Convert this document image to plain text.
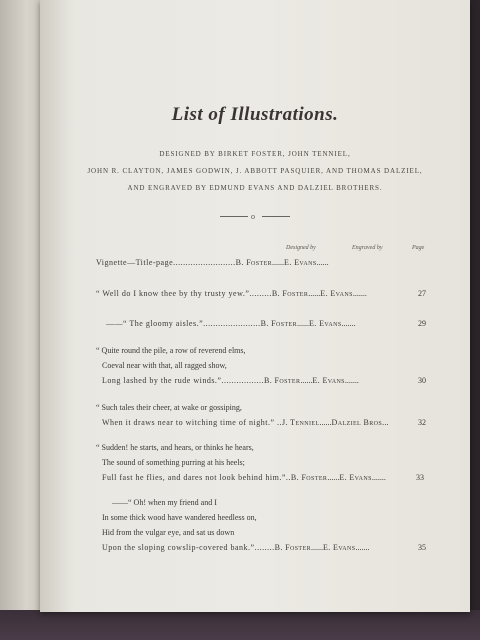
List of Illustrations.
DESIGNED BY BIRKET FOSTER, JOHN TENNIEL,
JOHN R. CLAYTON, JAMES GODWIN, J. ABBOTT PASQUIER, AND THOMAS DALZIEL,
AND ENGRAVED BY EDMUND EVANS AND DALZIEL BROTHERS.
o
Designed by	Engraved by	Page
Vignette—Title-page.........................B. Foster......E. Evans......
“ Well do I know thee by thy trusty yew.”.........B. Foster......E. Evans.......	27
——“ The gloomy aisles.”.......................B. Foster......E. Evans.......	29
“ Quite round the pile, a row of reverend elms,
Coeval near with that, all ragged show,
Long lashed by the rude winds.”.................B. Foster......E. Evans.......	30
“ Such tales their cheer, at wake or gossiping,
When it draws near to witching time of night.” ..J. Tenniel......Dalziel Bros...	32
“ Sudden! he starts, and hears, or thinks he hears,
The sound of something purring at his heels;
Full fast he flies, and dares not look behind him.”..B. Foster......E. Evans.......	33
——“ Oh! when my friend and I
In some thick wood have wandered heedless on,
Hid from the vulgar eye, and sat us down
Upon the sloping cowslip-covered bank.”........B. Foster......E. Evans.......	35
